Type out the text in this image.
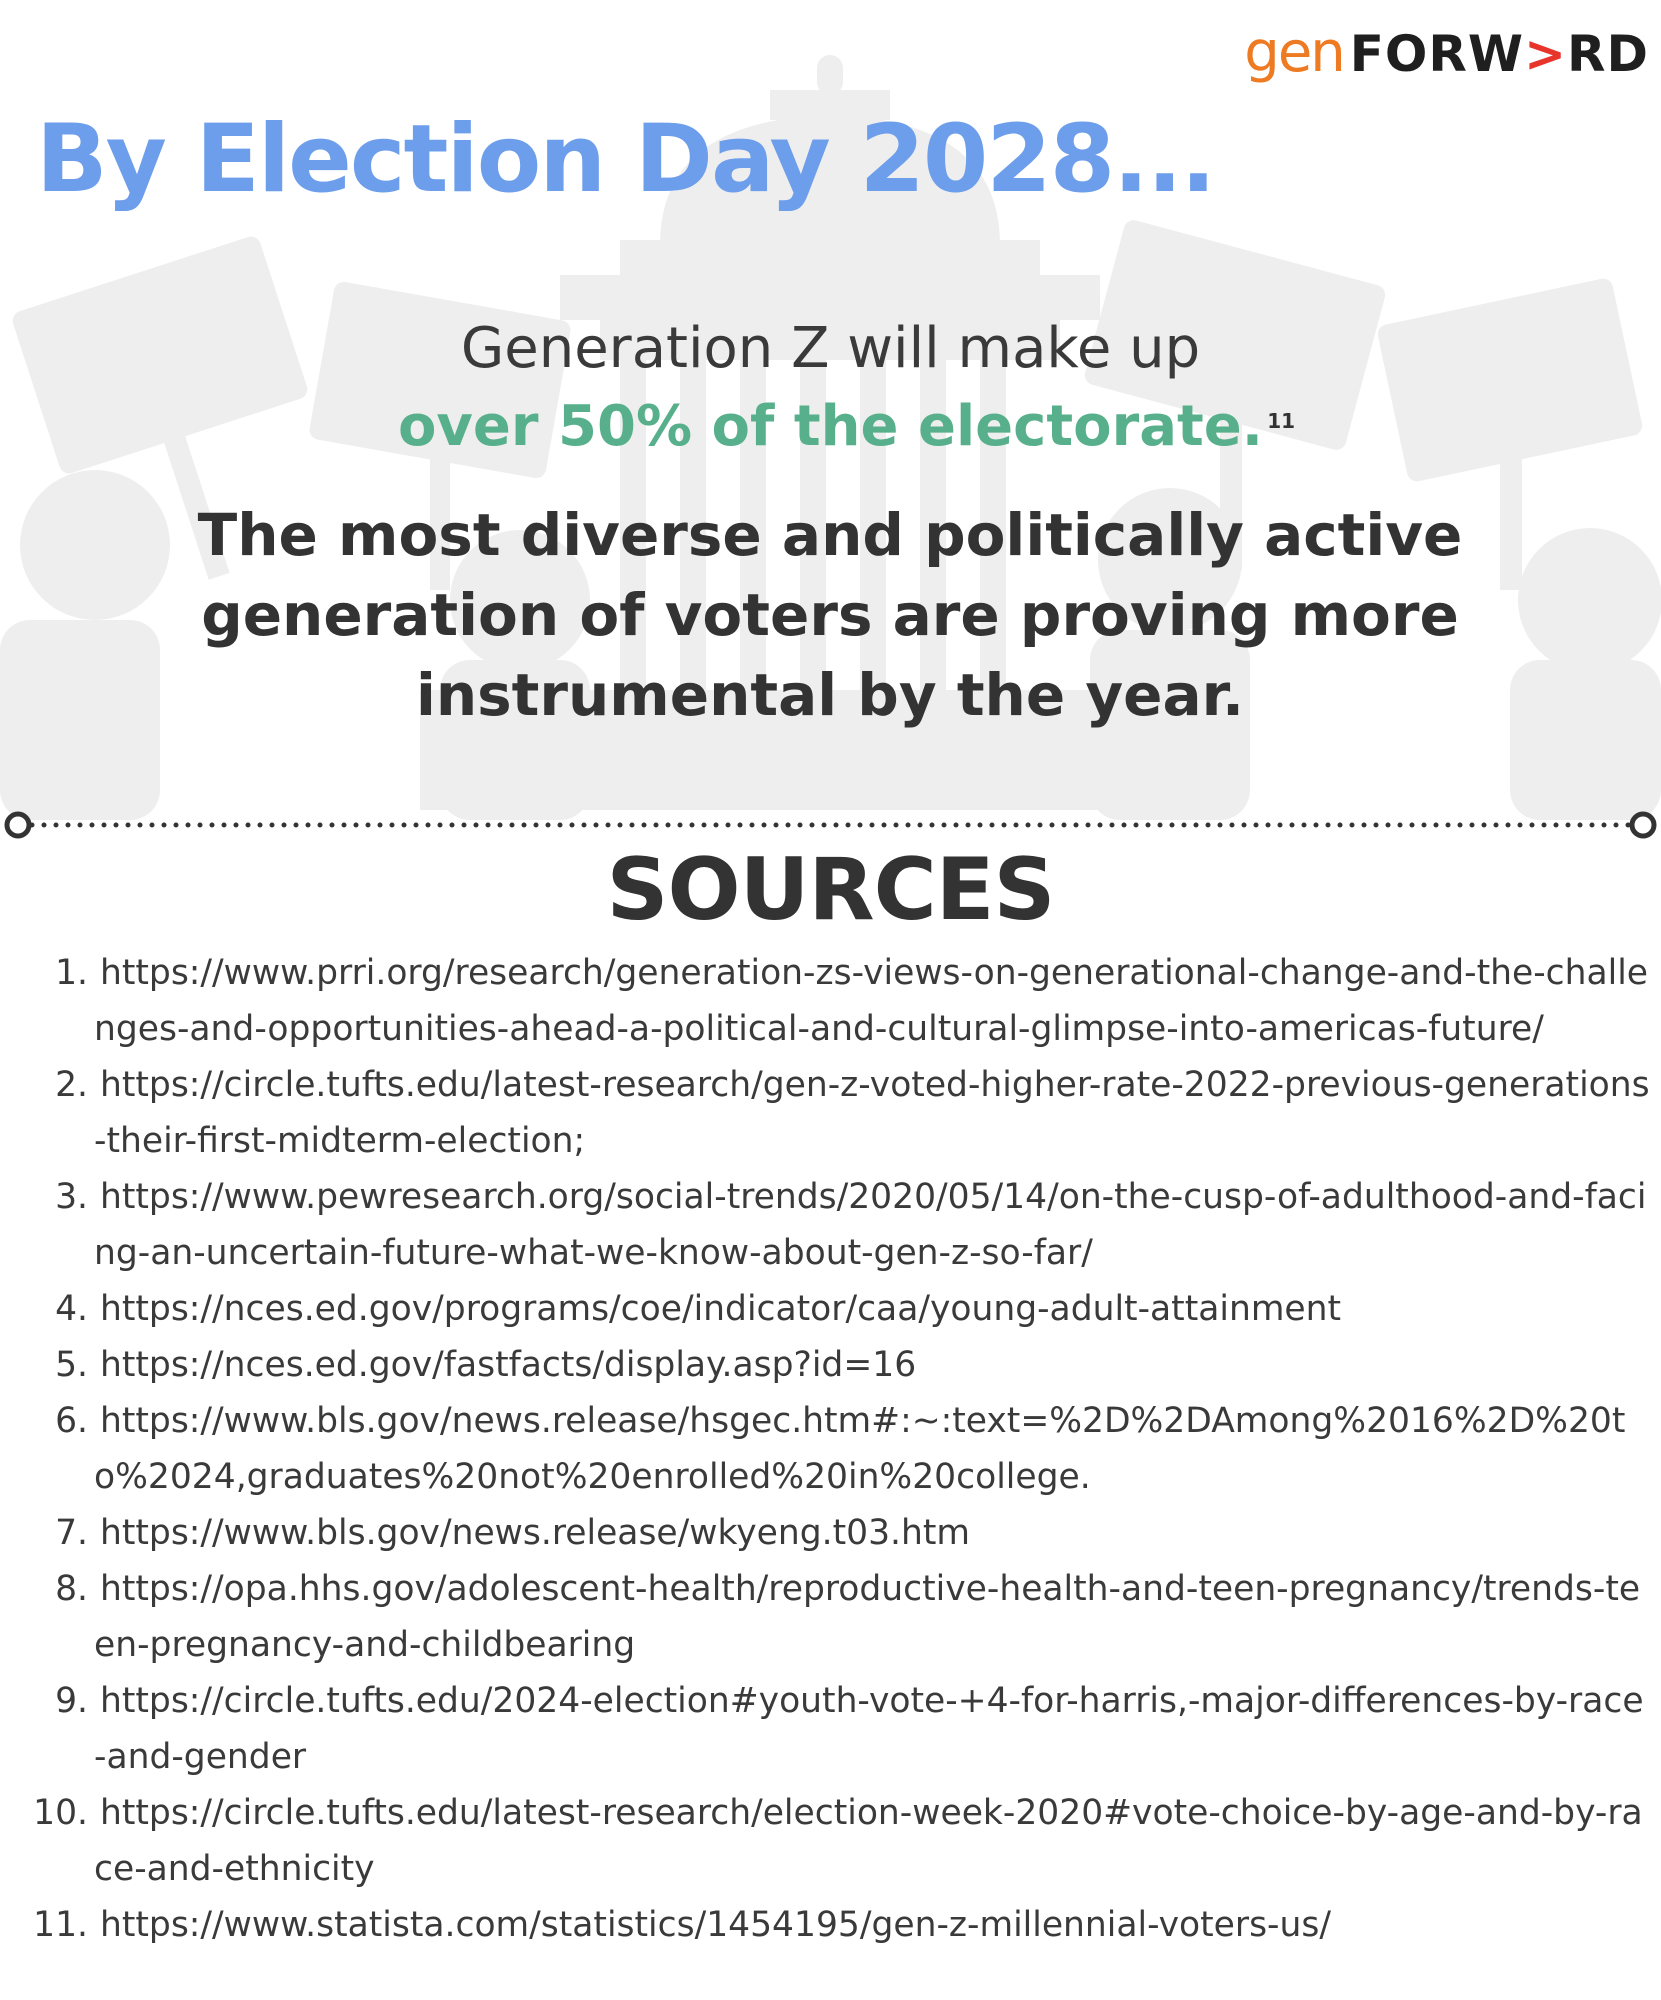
gen FORW>RD
By Election Day 2028...

Generation Z will make up

over 50% of the electorate. 11

The most diverse and politically active generation of voters are proving more instrumental by the year.

SOURCES
1. https://www.prri.org/research/generation-zs-views-on-generational-change-and-the-challenges-and-opportunities-ahead-a-political-and-cultural-glimpse-into-americas-future/
2. https://circle.tufts.edu/latest-research/gen-z-voted-higher-rate-2022-previous-generations-their-first-midterm-election;
3. https://www.pewresearch.org/social-trends/2020/05/14/on-the-cusp-of-adulthood-and-facing-an-uncertain-future-what-we-know-about-gen-z-so-far/
4. https://nces.ed.gov/programs/coe/indicator/caa/young-adult-attainment
5. https://nces.ed.gov/fastfacts/display.asp?id=16
6. https://www.bls.gov/news.release/hsgec.htm#:~:text=%2D%2DAmong%2016%2D%20to%2024,graduates%20not%20enrolled%20in%20college.
7. https://www.bls.gov/news.release/wkyeng.t03.htm
8. https://opa.hhs.gov/adolescent-health/reproductive-health-and-teen-pregnancy/trends-teen-pregnancy-and-childbearing
9. https://circle.tufts.edu/2024-election#youth-vote-+4-for-harris,-major-differences-by-race-and-gender
10. https://circle.tufts.edu/latest-research/election-week-2020#vote-choice-by-age-and-by-race-and-ethnicity
11. https://www.statista.com/statistics/1454195/gen-z-millennial-voters-us/
